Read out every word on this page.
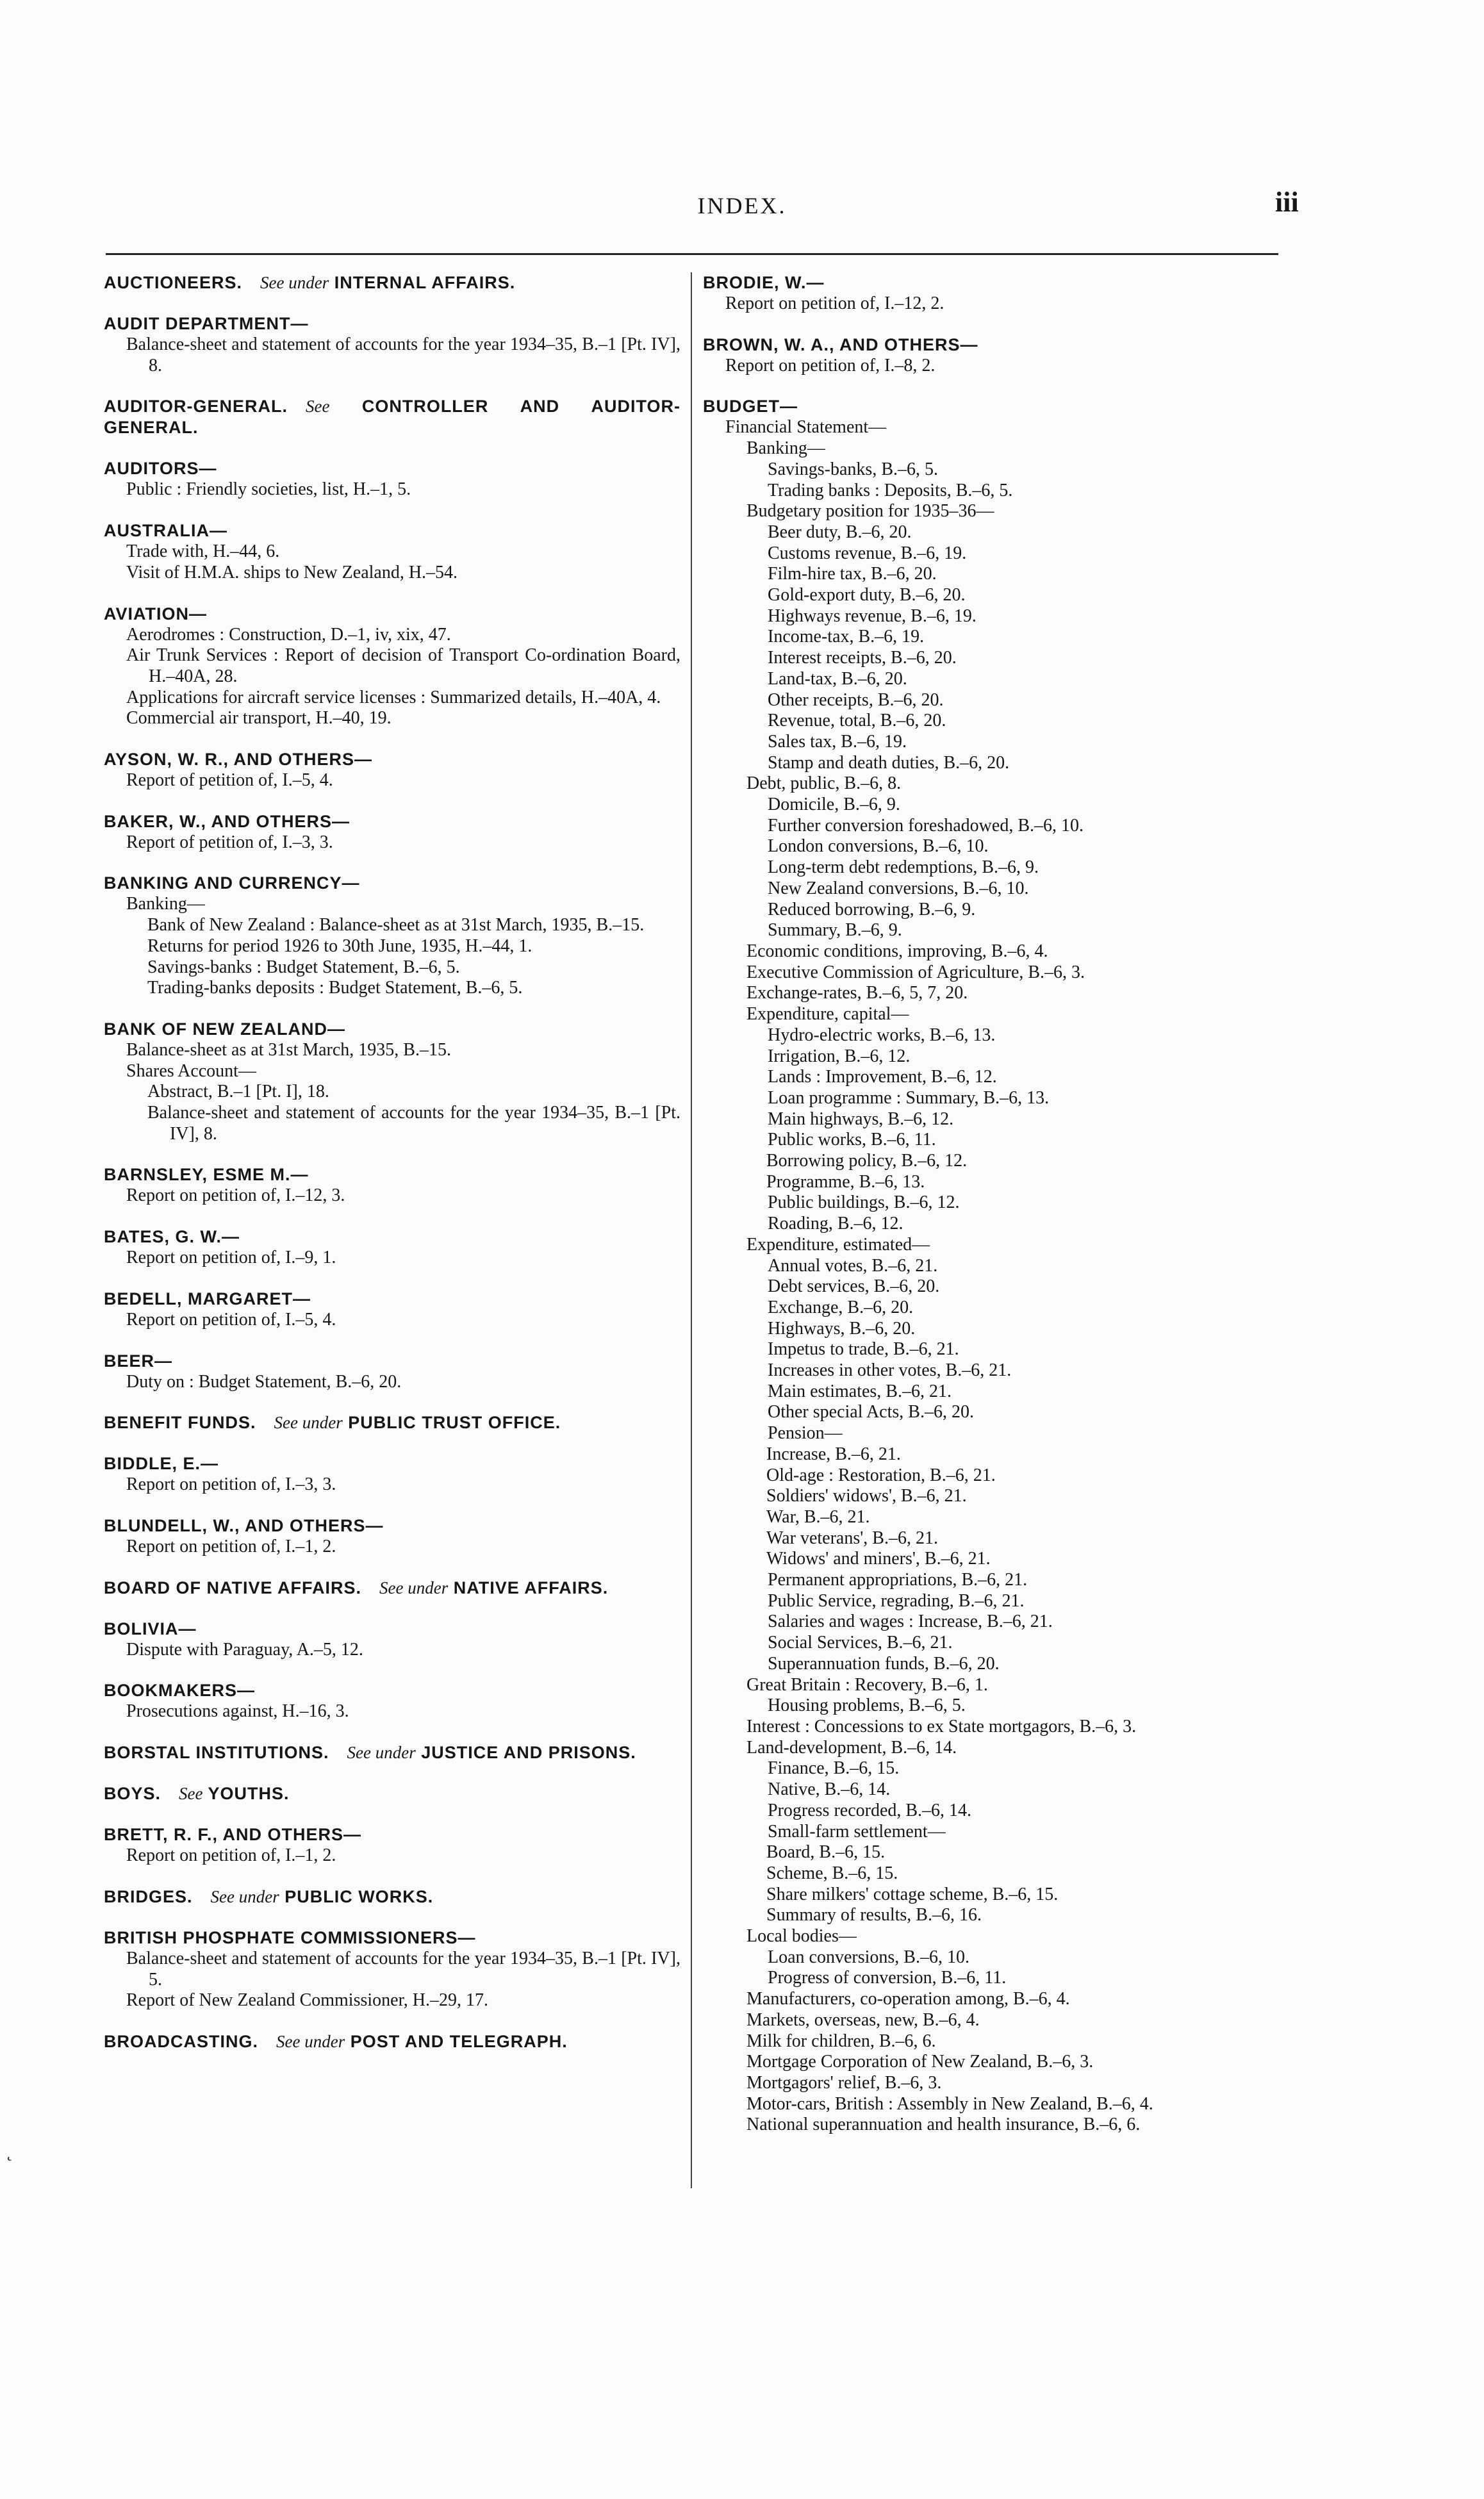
INDEX.	iii
AUCTIONEERS.  See under INTERNAL AFFAIRS.
AUDIT DEPARTMENT—
Balance-sheet and statement of accounts for the year 1934–35, B.–1 [Pt. IV], 8.
AUDITOR-GENERAL.  See CONTROLLER AND AUDITOR-GENERAL.
AUDITORS—
Public : Friendly societies, list, H.–1, 5.
AUSTRALIA—
Trade with, H.–44, 6.
Visit of H.M.A. ships to New Zealand, H.–54.
AVIATION—
Aerodromes : Construction, D.–1, iv, xix, 47.
Air Trunk Services : Report of decision of Transport Co-ordination Board, H.–40A, 28.
Applications for aircraft service licenses : Summarized details, H.–40A, 4.
Commercial air transport, H.–40, 19.
AYSON, W. R., AND OTHERS—
Report of petition of, I.–5, 4.
BAKER, W., AND OTHERS—
Report of petition of, I.–3, 3.
BANKING AND CURRENCY—
Banking—
Bank of New Zealand : Balance-sheet as at 31st March, 1935, B.–15.
Returns for period 1926 to 30th June, 1935, H.–44, 1.
Savings-banks : Budget Statement, B.–6, 5.
Trading-banks deposits : Budget Statement, B.–6, 5.
BANK OF NEW ZEALAND—
Balance-sheet as at 31st March, 1935, B.–15.
Shares Account—
Abstract, B.–1 [Pt. I], 18.
Balance-sheet and statement of accounts for the year 1934–35, B.–1 [Pt. IV], 8.
BARNSLEY, ESME M.—
Report on petition of, I.–12, 3.
BATES, G. W.—
Report on petition of, I.–9, 1.
BEDELL, MARGARET—
Report on petition of, I.–5, 4.
BEER—
Duty on : Budget Statement, B.–6, 20.
BENEFIT FUNDS.  See under PUBLIC TRUST OFFICE.
BIDDLE, E.—
Report on petition of, I.–3, 3.
BLUNDELL, W., AND OTHERS—
Report on petition of, I.–1, 2.
BOARD OF NATIVE AFFAIRS.  See under NATIVE AFFAIRS.
BOLIVIA—
Dispute with Paraguay, A.–5, 12.
BOOKMAKERS—
Prosecutions against, H.–16, 3.
BORSTAL INSTITUTIONS.  See under JUSTICE AND PRISONS.
BOYS.  See YOUTHS.
BRETT, R. F., AND OTHERS—
Report on petition of, I.–1, 2.
BRIDGES.  See under PUBLIC WORKS.
BRITISH PHOSPHATE COMMISSIONERS—
Balance-sheet and statement of accounts for the year 1934–35, B.–1 [Pt. IV], 5.
Report of New Zealand Commissioner, H.–29, 17.
BROADCASTING.  See under POST AND TELEGRAPH.
BRODIE, W.—
Report on petition of, I.–12, 2.
BROWN, W. A., AND OTHERS—
Report on petition of, I.–8, 2.
BUDGET—
Financial Statement—
Banking—
Savings-banks, B.–6, 5.
Trading banks : Deposits, B.–6, 5.
Budgetary position for 1935–36—
Beer duty, B.–6, 20.
Customs revenue, B.–6, 19.
Film-hire tax, B.–6, 20.
Gold-export duty, B.–6, 20.
Highways revenue, B.–6, 19.
Income-tax, B.–6, 19.
Interest receipts, B.–6, 20.
Land-tax, B.–6, 20.
Other receipts, B.–6, 20.
Revenue, total, B.–6, 20.
Sales tax, B.–6, 19.
Stamp and death duties, B.–6, 20.
Debt, public, B.–6, 8.
Domicile, B.–6, 9.
Further conversion foreshadowed, B.–6, 10.
London conversions, B.–6, 10.
Long-term debt redemptions, B.–6, 9.
New Zealand conversions, B.–6, 10.
Reduced borrowing, B.–6, 9.
Summary, B.–6, 9.
Economic conditions, improving, B.–6, 4.
Executive Commission of Agriculture, B.–6, 3.
Exchange-rates, B.–6, 5, 7, 20.
Expenditure, capital—
Hydro-electric works, B.–6, 13.
Irrigation, B.–6, 12.
Lands : Improvement, B.–6, 12.
Loan programme : Summary, B.–6, 13.
Main highways, B.–6, 12.
Public works, B.–6, 11.
Borrowing policy, B.–6, 12.
Programme, B.–6, 13.
Public buildings, B.–6, 12.
Roading, B.–6, 12.
Expenditure, estimated—
Annual votes, B.–6, 21.
Debt services, B.–6, 20.
Exchange, B.–6, 20.
Highways, B.–6, 20.
Impetus to trade, B.–6, 21.
Increases in other votes, B.–6, 21.
Main estimates, B.–6, 21.
Other special Acts, B.–6, 20.
Pension—
Increase, B.–6, 21.
Old-age : Restoration, B.–6, 21.
Soldiers' widows', B.–6, 21.
War, B.–6, 21.
War veterans', B.–6, 21.
Widows' and miners', B.–6, 21.
Permanent appropriations, B.–6, 21.
Public Service, regrading, B.–6, 21.
Salaries and wages : Increase, B.–6, 21.
Social Services, B.–6, 21.
Superannuation funds, B.–6, 20.
Great Britain : Recovery, B.–6, 1.
Housing problems, B.–6, 5.
Interest : Concessions to ex State mortgagors, B.–6, 3.
Land-development, B.–6, 14.
Finance, B.–6, 15.
Native, B.–6, 14.
Progress recorded, B.–6, 14.
Small-farm settlement—
Board, B.–6, 15.
Scheme, B.–6, 15.
Share milkers' cottage scheme, B.–6, 15.
Summary of results, B.–6, 16.
Local bodies—
Loan conversions, B.–6, 10.
Progress of conversion, B.–6, 11.
Manufacturers, co-operation among, B.–6, 4.
Markets, overseas, new, B.–6, 4.
Milk for children, B.–6, 6.
Mortgage Corporation of New Zealand, B.–6, 3.
Mortgagors' relief, B.–6, 3.
Motor-cars, British : Assembly in New Zealand, B.–6, 4.
National superannuation and health insurance, B.–6, 6.
˛
